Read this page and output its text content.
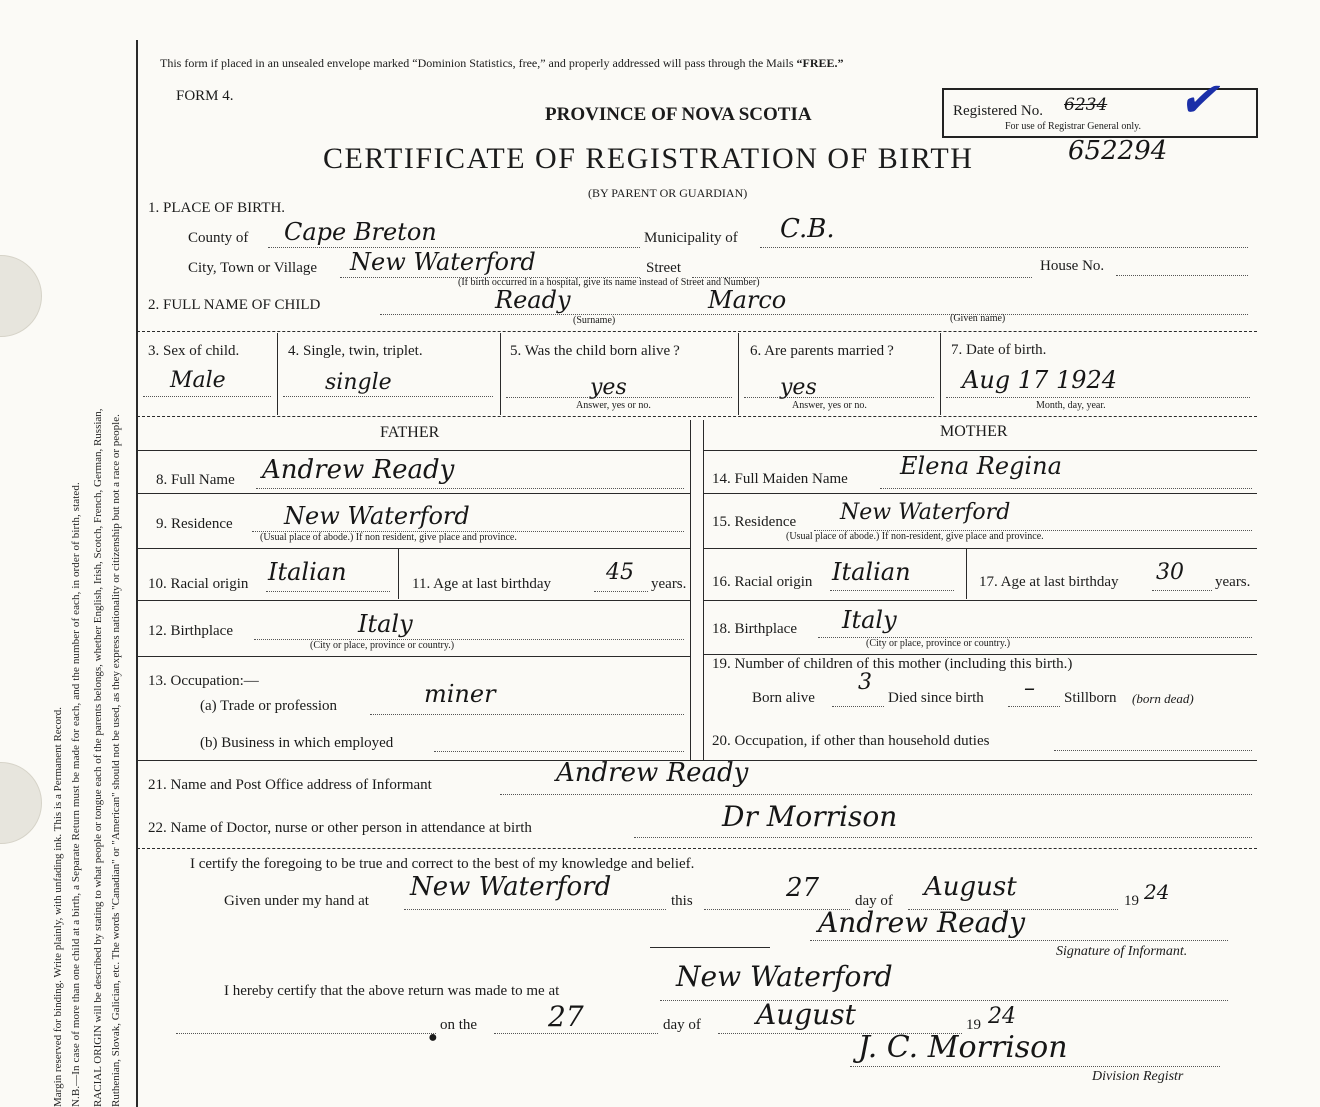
Margin reserved for binding. Write plainly, with unfading ink. This is a Permanent Record. N.B.—In case of more than one child at a birth, a Separate Return must be made for each, and the number of each, in order of birth, stated. RACIAL ORIGIN will be described by stating to what people or tongue each of the parents belongs, whether English, Irish, Scotch, French, German, Russian, Ruthenian, Slovak, Galician, etc. The words "Canadian" or "American" should not be used, as they express nationality or citizenship but not a race or people.
This form if placed in an unsealed envelope marked “Dominion Statistics, free,” and properly addressed will pass through the Mails “FREE.”
FORM 4.
PROVINCE OF NOVA SCOTIA
CERTIFICATE OF REGISTRATION OF BIRTH
(BY PARENT OR GUARDIAN)
Registered No. 6234 ✔
For use of Registrar General only.
652294
1. PLACE OF BIRTH.
County of Cape Breton	Municipality of C.B.
City, Town or Village New Waterford	Street	House No.
(If birth occurred in a hospital, give its name instead of Street and Number)
2. FULL NAME OF CHILD	Ready
(Surname)
Marco
(Given name)
3. Sex of child.
Male
4. Single, twin, triplet.
single
5. Was the child born alive ?
yes
Answer, yes or no.
6. Are parents married ?
yes
Answer, yes or no.
7. Date of birth.
Aug 17 1924
Month, day, year.
FATHER	MOTHER
8. Full Name Andrew Ready
9. Residence New Waterford
(Usual place of abode.) If non resident, give place and province.
10. Racial origin Italian	11. Age at last birthday	45 years.
12. Birthplace	Italy
(City or place, province or country.)
13. Occupation:—
(a) Trade or profession	miner
(b) Business in which employed
14. Full Maiden Name Elena Regina
15. Residence New Waterford
(Usual place of abode.) If non-resident, give place and province.
16. Racial origin Italian	17. Age at last birthday 30 years.
18. Birthplace Italy
(City or place, province or country.)
19. Number of children of this mother (including this birth.)
Born alive
3
Died since birth – Stillborn (born dead)
20. Occupation, if other than household duties
21. Name and Post Office address of Informant	Andrew Ready
22. Name of Doctor, nurse or other person in attendance at birth	Dr Morrison
I certify the foregoing to be true and correct to the best of my knowledge and belief.
Given under my hand at New Waterford	this	27 day of August	19 24
Andrew Ready
Signature of Informant.
I hereby certify that the above return was made to me at	New Waterford
●
on the	27	day of August	19 24
J. C. Morrison
Division Registr
